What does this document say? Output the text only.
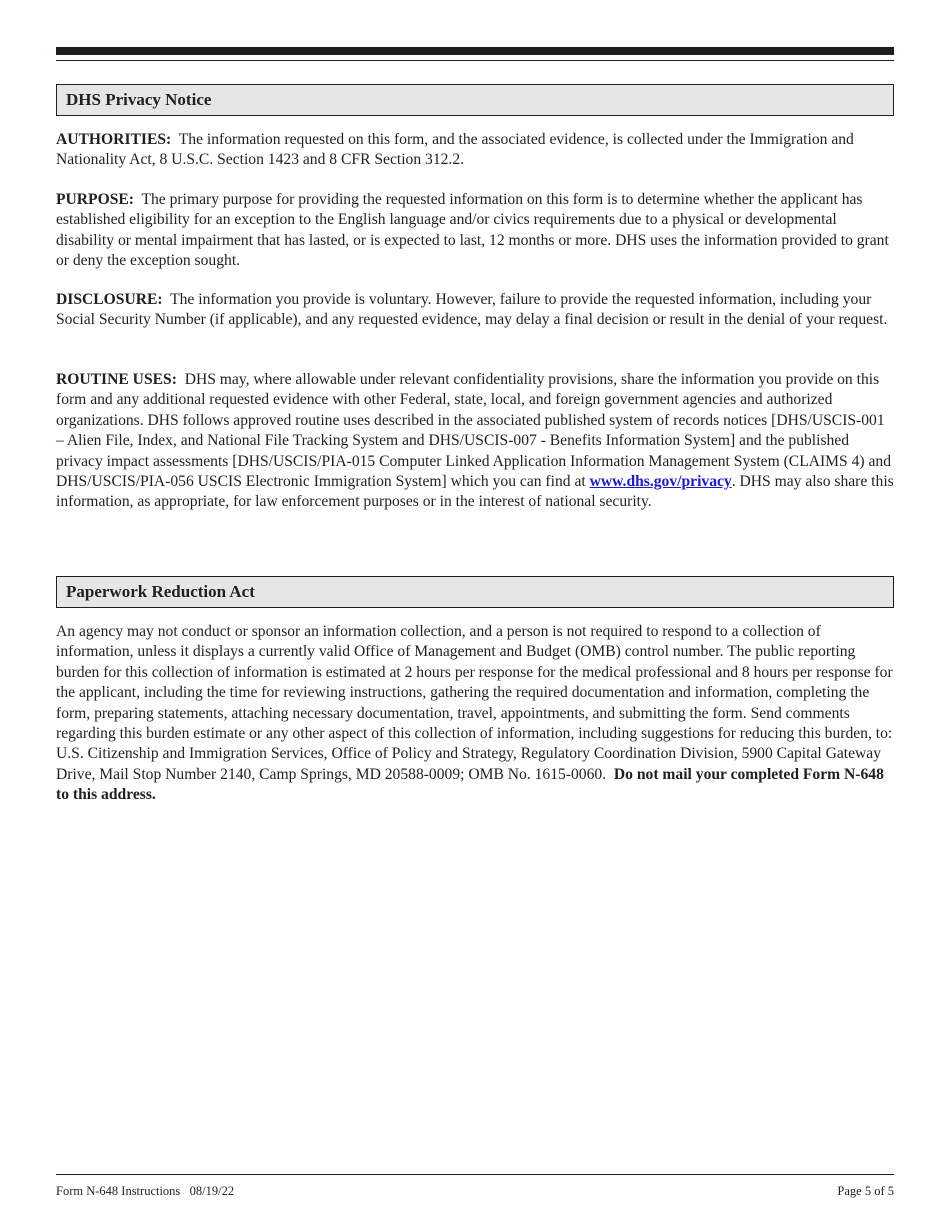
DHS Privacy Notice

AUTHORITIES: The information requested on this form, and the associated evidence, is collected under the Immigration and Nationality Act, 8 U.S.C. Section 1423 and 8 CFR Section 312.2.

PURPOSE: The primary purpose for providing the requested information on this form is to determine whether the applicant has established eligibility for an exception to the English language and/or civics requirements due to a physical or developmental disability or mental impairment that has lasted, or is expected to last, 12 months or more. DHS uses the information provided to grant or deny the exception sought.

DISCLOSURE: The information you provide is voluntary. However, failure to provide the requested information, including your Social Security Number (if applicable), and any requested evidence, may delay a final decision or result in the denial of your request.

ROUTINE USES: DHS may, where allowable under relevant confidentiality provisions, share the information you provide on this form and any additional requested evidence with other Federal, state, local, and foreign government agencies and authorized organizations. DHS follows approved routine uses described in the associated published system of records notices [DHS/USCIS-001 – Alien File, Index, and National File Tracking System and DHS/USCIS-007 - Benefits Information System] and the published privacy impact assessments [DHS/USCIS/PIA-015 Computer Linked Application Information Management System (CLAIMS 4) and DHS/USCIS/PIA-056 USCIS Electronic Immigration System] which you can find at www.dhs.gov/privacy. DHS may also share this information, as appropriate, for law enforcement purposes or in the interest of national security.

Paperwork Reduction Act

An agency may not conduct or sponsor an information collection, and a person is not required to respond to a collection of information, unless it displays a currently valid Office of Management and Budget (OMB) control number. The public reporting burden for this collection of information is estimated at 2 hours per response for the medical professional and 8 hours per response for the applicant, including the time for reviewing instructions, gathering the required documentation and information, completing the form, preparing statements, attaching necessary documentation, travel, appointments, and submitting the form. Send comments regarding this burden estimate or any other aspect of this collection of information, including suggestions for reducing this burden, to: U.S. Citizenship and Immigration Services, Office of Policy and Strategy, Regulatory Coordination Division, 5900 Capital Gateway Drive, Mail Stop Number 2140, Camp Springs, MD 20588-0009; OMB No. 1615-0060. Do not mail your completed Form N-648 to this address.

Form N-648 Instructions   08/19/22	Page 5 of 5
